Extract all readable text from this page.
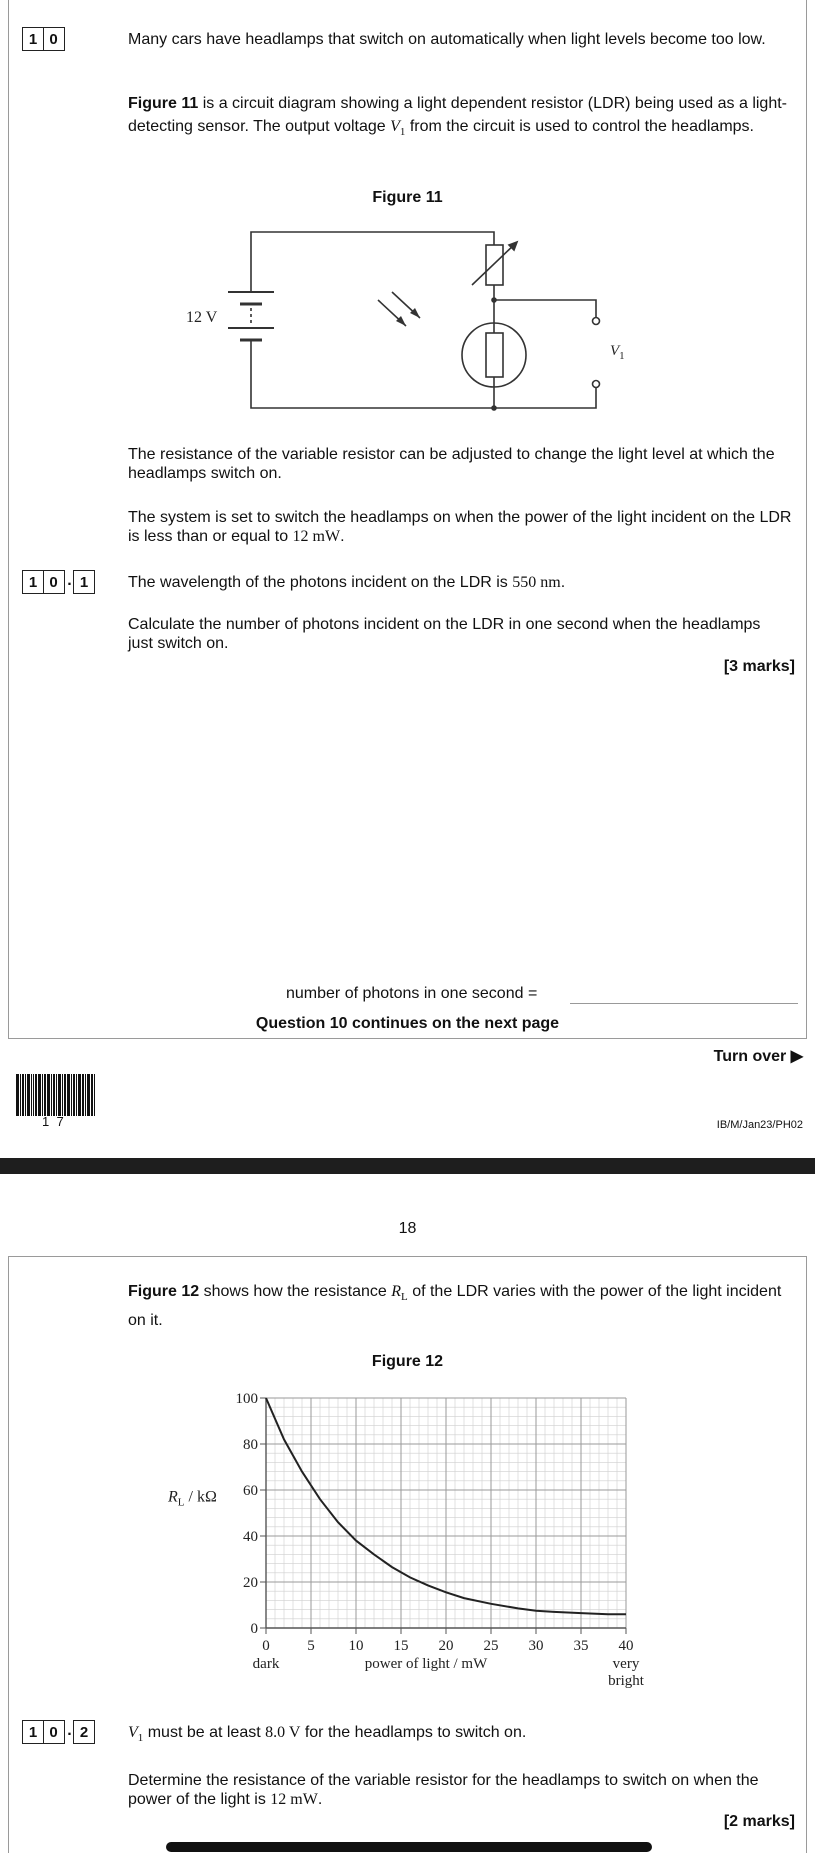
1 0	Many cars have headlamps that switch on automatically when light levels become too low.
Figure 11 is a circuit diagram showing a light dependent resistor (LDR) being used as a light-detecting sensor. The output voltage $V_1$ from the circuit is used to control the headlamps.
Figure 11
12 V
$V_1$
The resistance of the variable resistor can be adjusted to change the light level at which the headlamps switch on.
The system is set to switch the headlamps on when the power of the light incident on the LDR is less than or equal to 12 mW.
1 0 . 1	The wavelength of the photons incident on the LDR is 550 nm.
Calculate the number of photons incident on the LDR in one second when the headlamps just switch on.
[3 marks]
number of photons in one second =
Question 10 continues on the next page
Turn over ▶
1  7	IB/M/Jan23/PH02
18
Figure 12 shows how the resistance $R_L$ of the LDR varies with the power of the light incident on it.
Figure 12
0	5 10 15 20 25 30 35 40
0
20
40
60
80
100
power of light / mW
dark	very
bright
$R_L$ / kΩ
1 0 . 2	$V_1$ must be at least 8.0 V for the headlamps to switch on.
Determine the resistance of the variable resistor for the headlamps to switch on when the power of the light is 12 mW.
[2 marks]
